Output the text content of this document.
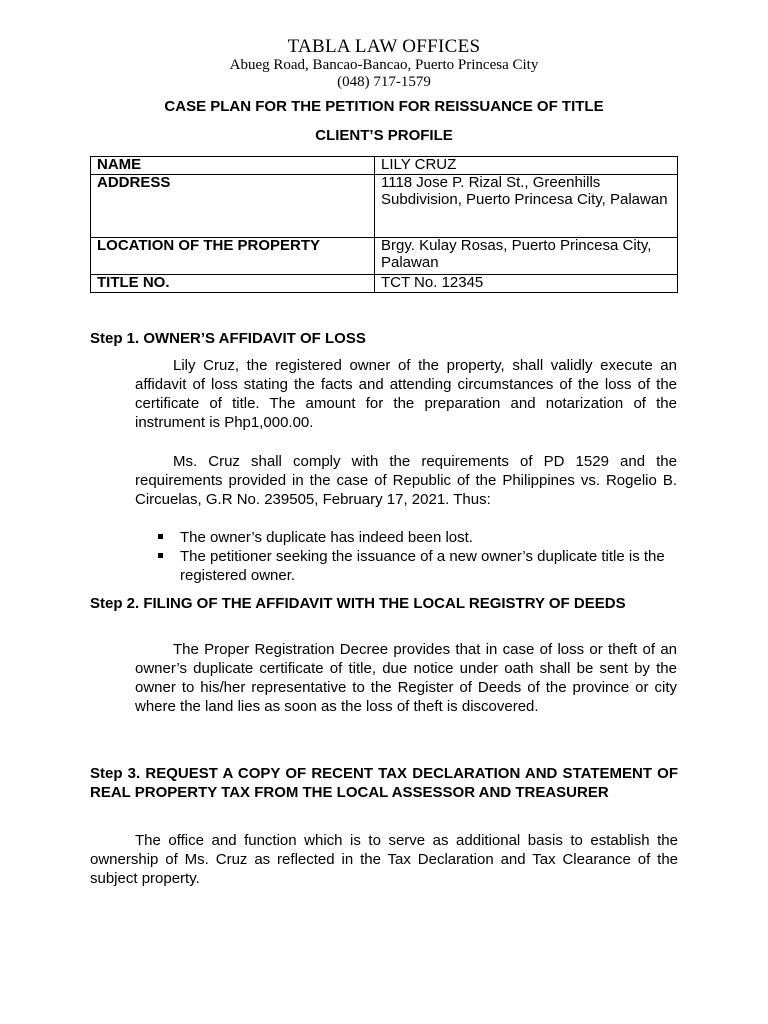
TABLA LAW OFFICES
Abueg Road, Bancao-Bancao, Puerto Princesa City
(048) 717-1579
CASE PLAN FOR THE PETITION FOR REISSUANCE OF TITLE
CLIENT’S PROFILE
NAME	LILY CRUZ
ADDRESS	1118 Jose P. Rizal St., Greenhills Subdivision, Puerto Princesa City, Palawan
LOCATION OF THE PROPERTY	Brgy. Kulay Rosas, Puerto Princesa City, Palawan
TITLE NO.	TCT No. 12345
Step 1. OWNER’S AFFIDAVIT OF LOSS
Lily Cruz, the registered owner of the property, shall validly execute an affidavit of loss stating the facts and attending circumstances of the loss of the certificate of title. The amount for the preparation and notarization of the instrument is Php1,000.00.
Ms. Cruz shall comply with the requirements of PD 1529 and the requirements provided in the case of Republic of the Philippines vs. Rogelio B. Circuelas, G.R No. 239505, February 17, 2021. Thus:
The owner’s duplicate has indeed been lost.
The petitioner seeking the issuance of a new owner’s duplicate title is the registered owner.
Step 2. FILING OF THE AFFIDAVIT WITH THE LOCAL REGISTRY OF DEEDS
The Proper Registration Decree provides that in case of loss or theft of an owner’s duplicate certificate of title, due notice under oath shall be sent by the owner to his/her representative to the Register of Deeds of the province or city where the land lies as soon as the loss of theft is discovered.
Step 3. REQUEST A COPY OF RECENT TAX DECLARATION AND STATEMENT OF REAL PROPERTY TAX FROM THE LOCAL ASSESSOR AND TREASURER
The office and function which is to serve as additional basis to establish the ownership of Ms. Cruz as reflected in the Tax Declaration and Tax Clearance of the subject property.
